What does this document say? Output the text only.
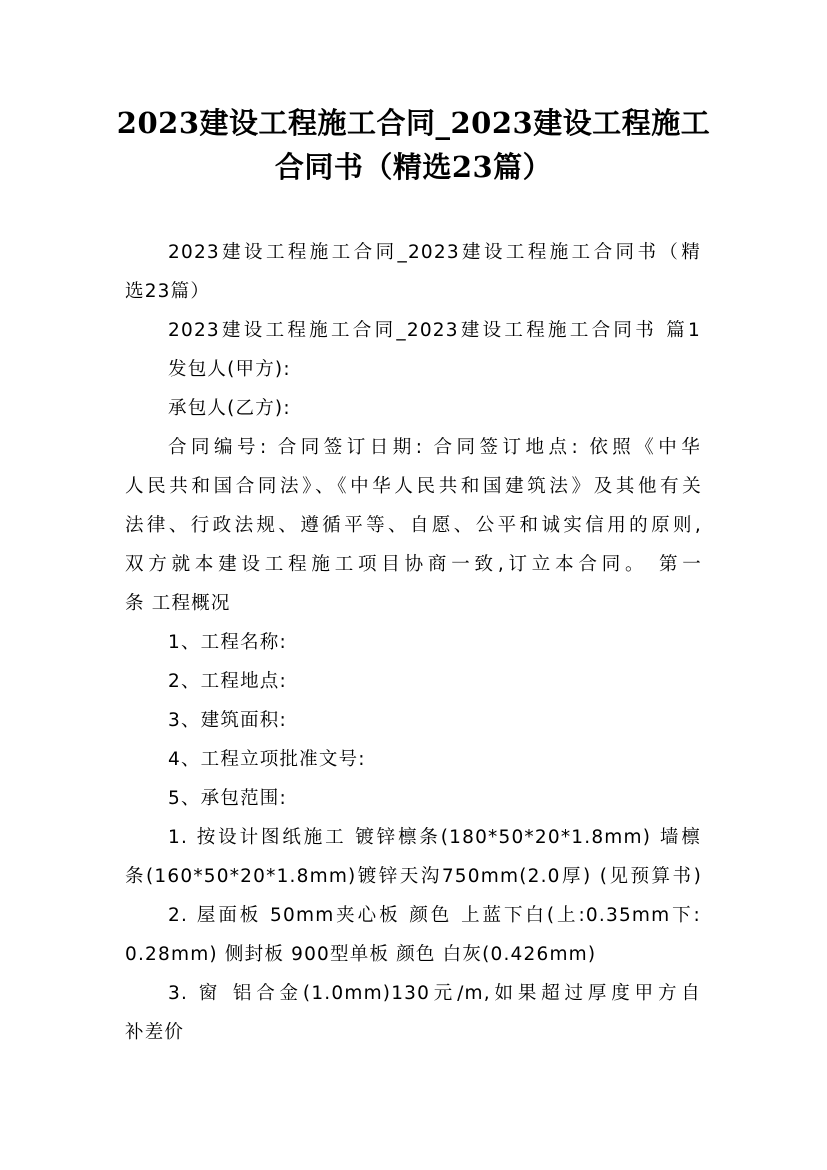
2023建设工程施工合同_2023建设工程施工
合同书（精选23篇）
2023建设工程施工合同_2023建设工程施工合同书（精
选23篇）
2023建设工程施工合同_2023建设工程施工合同书 篇1
发包人(甲方):
承包人(乙方):
合同编号: 合同签订日期: 合同签订地点: 依照《中华
人民共和国合同法》、《中华人民共和国建筑法》及其他有关
法律、行政法规、遵循平等、自愿、公平和诚实信用的原则,
双方就本建设工程施工项目协商一致,订立本合同。 第一
条 工程概况
1、工程名称:
2、工程地点:
3、建筑面积:
4、工程立项批准文号:
5、承包范围:
1. 按设计图纸施工 镀锌檩条(180*50*20*1.8mm) 墙檩
条(160*50*20*1.8mm)镀锌天沟750mm(2.0厚) (见预算书)
2. 屋面板 50mm夹心板 颜色 上蓝下白(上:0.35mm下:
0.28mm) 侧封板 900型单板 颜色 白灰(0.426mm)
3. 窗 铝合金(1.0mm)130元/m,如果超过厚度甲方自
补差价
